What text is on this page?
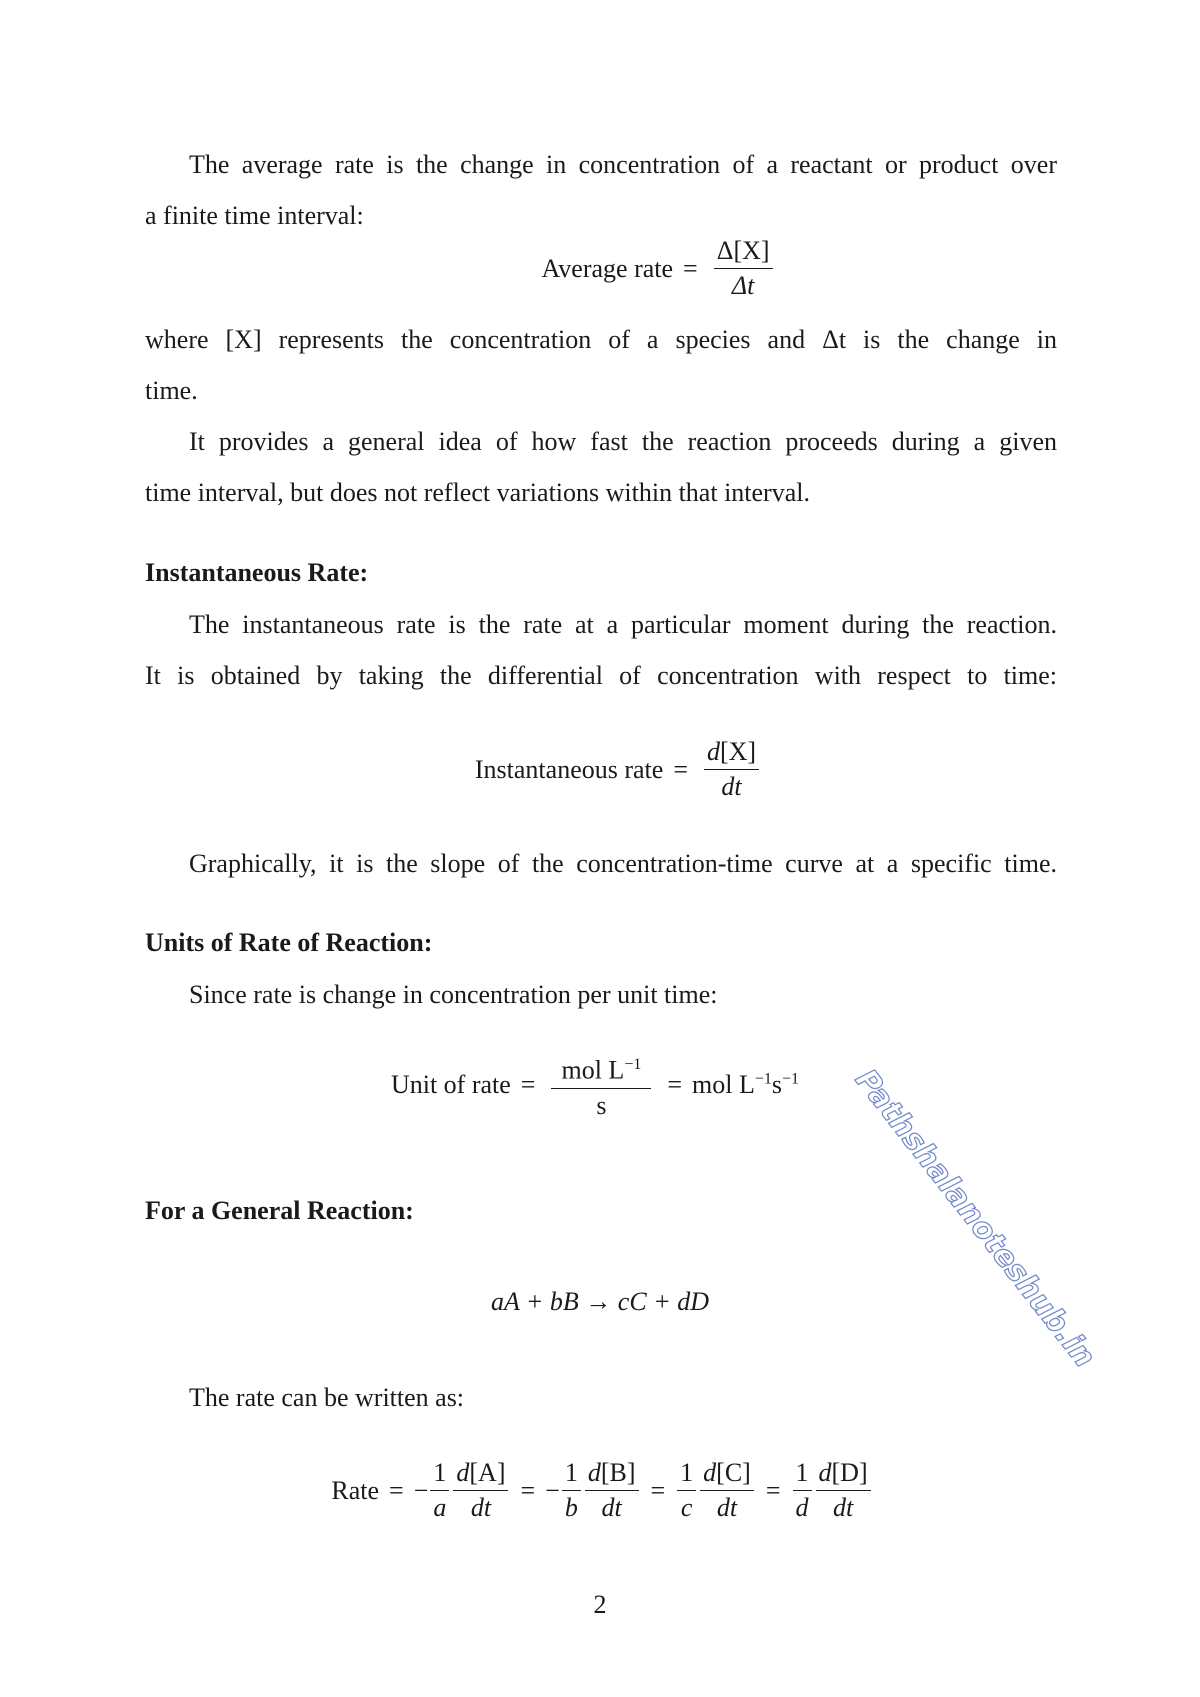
The average rate is the change in concentration of a reactant or product over
a finite time interval:
Average rate = $\frac{\Delta[X]}{\Delta t}$
where [X] represents the concentration of a species and Δt is the change in
time.
It provides a general idea of how fast the reaction proceeds during a given
time interval, but does not reflect variations within that interval.
Instantaneous Rate:
The instantaneous rate is the rate at a particular moment during the reaction.
It is obtained by taking the differential of concentration with respect to time:
Instantaneous rate = $\frac{d[X]}{dt}$
Graphically, it is the slope of the concentration-time curve at a specific time.
Units of Rate of Reaction:
Since rate is change in concentration per unit time:
Unit of rate = $\frac{mol L^{-1}}{s}$ = mol $L^{-1}s^{-1}$
For a General Reaction:
aA + bB → cC + dD
The rate can be written as:
Rate = − $\frac{1}{a} \frac{d[A]}{dt}$ = − $\frac{1}{b} \frac{d[B]}{dt} = \frac{1}{c} \frac{d[C]}{dt} = \frac{1}{d} \frac{d[D]}{dt}$
Pathshalanoteshub.in
2
